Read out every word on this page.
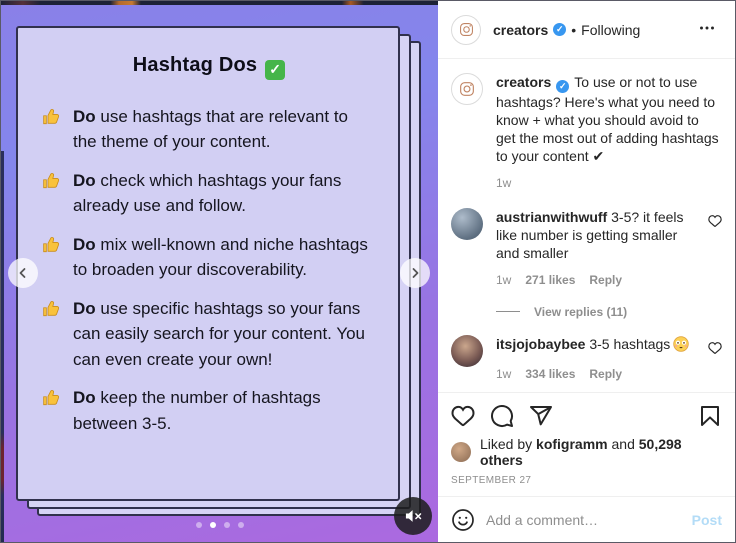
Hashtag Dos ✓
Do use hashtags that are relevant to the theme of your content.
Do check which hashtags your fans already use and follow.
Do mix well-known and niche hashtags to broaden your discoverability.
Do use specific hashtags so your fans can easily search for your content. You can even create your own!
Do keep the number of hashtags between 3-5.
creators ✓ • Following
creators ✓ To use or not to use hashtags? Here's what you need to know + what you should avoid to get the most out of adding hashtags to your content ✔
1w
austrianwithwuff 3-5? it feels like number is getting smaller and smaller
1w 271 likes Reply
View replies (11)
itsjojobaybee 3-5 hashtags
1w 334 likes Reply
Liked by kofigramm and 50,298 others
SEPTEMBER 27
Add a comment…
Post
